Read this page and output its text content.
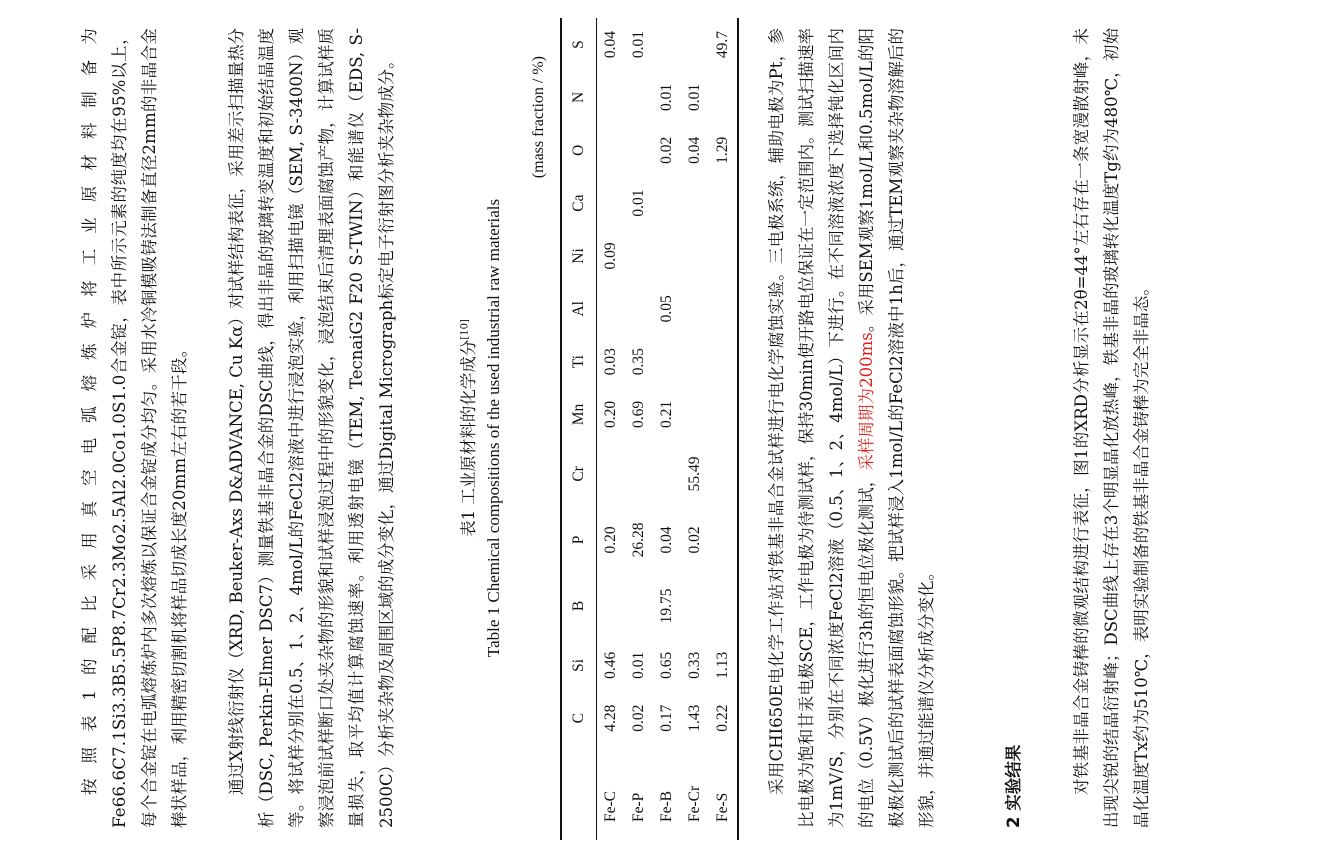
按照表1的配比采用真空电弧熔炼炉将工业原材料制备为Fe66.6C7.1Si3.3B5.5P8.7Cr2.3Mo2.5Al2.0Co1.0S1.0合金锭，表中所示元素的纯度均在95%以上，每个合金锭在电弧熔炼炉内多次熔炼以保证合金锭成分均匀。采用水冷铜模吸铸法制备直径2mm的非晶合金棒状样品，利用精密切割机将样品切成长度20mm左右的若干段。	通过X射线衍射仪（XRD, Beuker-Axs D&ADVANCE, Cu Kα）对试样结构表征，采用差示扫描量热分析（DSC, Perkin-Elmer DSC7）测量铁基非晶合金的DSC曲线，得出非晶的玻璃转变温度和初始结晶温度等。将试样分别在0.5、1、2、4mol/L的FeCl2溶液中进行浸泡实验，利用扫描电镜（SEM, S-3400N）观察浸泡前试样断口处夹杂物的形貌和试样浸泡过程中的形貌变化，浸泡结束后清理表面腐蚀产物，计算试样质量损失，取平均值计算腐蚀速率。利用透射电镜（TEM, TecnaiG2 F20 S-TWIN）和能谱仪（EDS, S-2500C）分析夹杂物及周围区域的成分变化，通过Digital Micrograph标定电子衍射图分析夹杂物成分。	表1 工业原材料的化学成分[10] Table 1 Chemical compositions of the used industrial raw materials
(mass fraction / %)
	C	Si	B	P	Cr	Mn	Ti	Al	Ni	Ca	O	N	S
Fe-C	4.28	0.46		0.20		0.20	0.03		0.09				0.04
Fe-P	0.02	0.01		26.28		0.69	0.35			0.01			0.01
Fe-B	0.17	0.65	19.75	0.04		0.21		0.05			0.02	0.01	
Fe-Cr	1.43	0.33		0.02	55.49						0.04	0.01	
Fe-S	0.22	1.13									1.29		49.7	采用CHI650E电化学工作站对铁基非晶合金试样进行电化学腐蚀实验。三电极系统，辅助电极为Pt，参比电极为饱和甘汞电极SCE，工作电极为待测试样，保持30min使开路电位保证在一定范围内。测试扫描速率为1mV/S，分别在不同浓度FeCl2溶液（0.5、1、2、4mol/L）下进行。在不同溶液浓度下选择钝化区间内的电位（0.5V）极化进行3h的恒电位极化测试，采样周期为200ms。采用SEM观察1mol/L和0.5mol/L的阳极极化测试后的试样表面腐蚀形貌。把试样浸入1mol/L的FeCl2溶液中1h后，通过TEM观察夹杂物溶解后的形貌，并通过能谱仪分析成分变化。	2 实验结果	对铁基非晶合金铸棒的微观结构进行表征，图1的XRD分析显示在2θ=44°左右存在一条宽漫散射峰，未出现尖锐的结晶衍射峰；DSC曲线上存在3个明显晶化放热峰，铁基非晶的玻璃转化温度Tg约为480℃，初始晶化温度Tx约为510℃，表明实验制备的铁基非晶合金铸棒为完全非晶态。
